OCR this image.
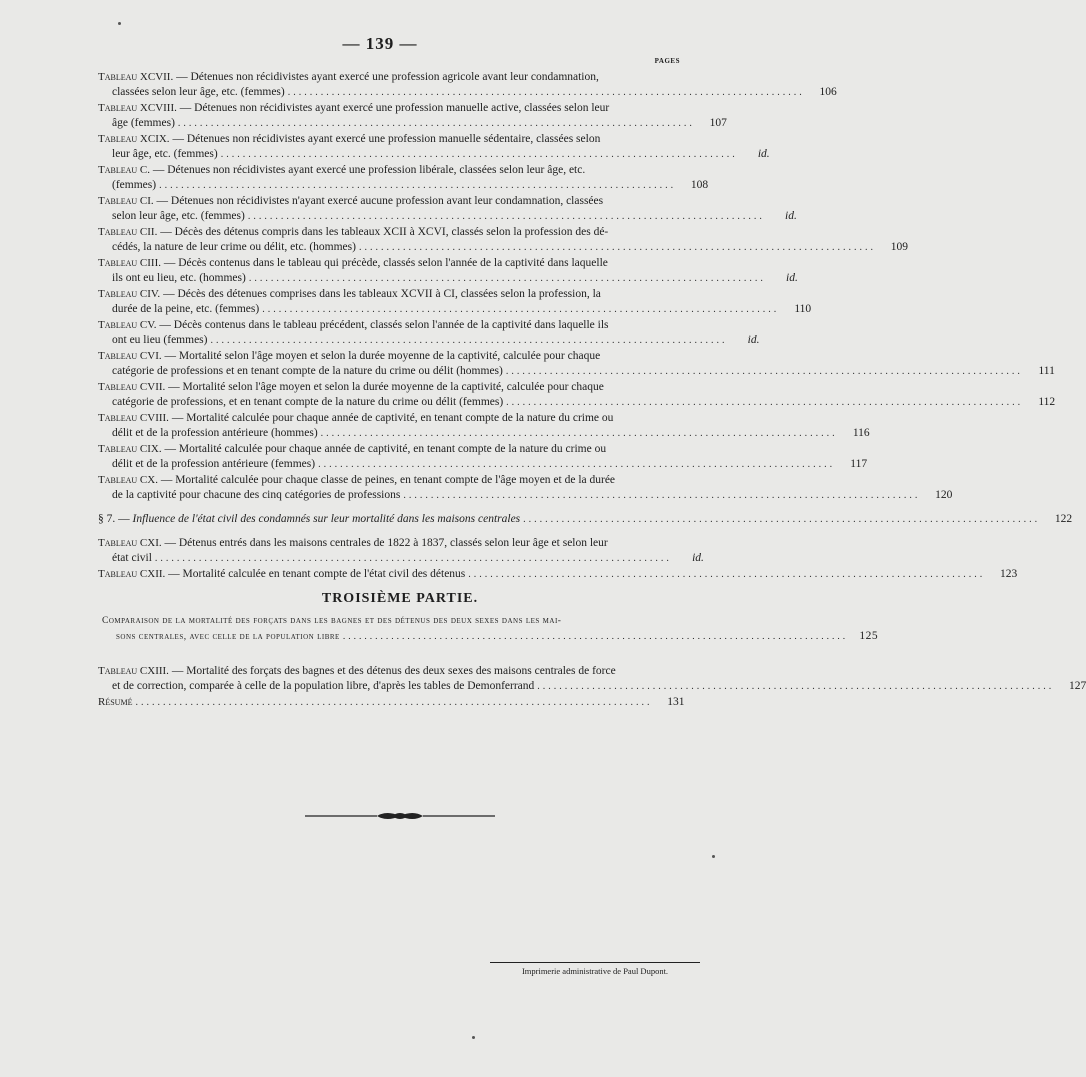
— 139 —
PAGES
Tableau XCVII. — Détenues non récidivistes ayant exercé une profession agricole avant leur condamnation,
classées selon leur âge, etc. (femmes) ..............................................................................................	106
Tableau XCVIII. — Détenues non récidivistes ayant exercé une profession manuelle active, classées selon leur
âge (femmes) ..............................................................................................	107
Tableau XCIX. — Détenues non récidivistes ayant exercé une profession manuelle sédentaire, classées selon
leur âge, etc. (femmes) ..............................................................................................	id.
Tableau C. — Détenues non récidivistes ayant exercé une profession libérale, classées selon leur âge, etc.
(femmes) ..............................................................................................	108
Tableau CI. — Détenues non récidivistes n'ayant exercé aucune profession avant leur condamnation, classées
selon leur âge, etc. (femmes) ..............................................................................................	id.
Tableau CII. — Décès des détenus compris dans les tableaux XCII à XCVI, classés selon la profession des dé-
cédés, la nature de leur crime ou délit, etc. (hommes) ..............................................................................................	109
Tableau CIII. — Décès contenus dans le tableau qui précède, classés selon l'année de la captivité dans laquelle
ils ont eu lieu, etc. (hommes) ..............................................................................................	id.
Tableau CIV. — Décès des détenues comprises dans les tableaux XCVII à CI, classées selon la profession, la
durée de la peine, etc. (femmes) ..............................................................................................	110
Tableau CV. — Décès contenus dans le tableau précédent, classés selon l'année de la captivité dans laquelle ils
ont eu lieu (femmes) ..............................................................................................	id.
Tableau CVI. — Mortalité selon l'âge moyen et selon la durée moyenne de la captivité, calculée pour chaque
catégorie de professions et en tenant compte de la nature du crime ou délit (hommes) ..............................................................................................	111
Tableau CVII. — Mortalité selon l'âge moyen et selon la durée moyenne de la captivité, calculée pour chaque
catégorie de professions, et en tenant compte de la nature du crime ou délit (femmes) ..............................................................................................	112
Tableau CVIII. — Mortalité calculée pour chaque année de captivité, en tenant compte de la nature du crime ou
délit et de la profession antérieure (hommes) ..............................................................................................	116
Tableau CIX. — Mortalité calculée pour chaque année de captivité, en tenant compte de la nature du crime ou
délit et de la profession antérieure (femmes) ..............................................................................................	117
Tableau CX. — Mortalité calculée pour chaque classe de peines, en tenant compte de l'âge moyen et de la durée
de la captivité pour chacune des cinq catégories de professions ..............................................................................................	120
§ 7. — Influence de l'état civil des condamnés sur leur mortalité dans les maisons centrales ..............................................................................................	122
Tableau CXI. — Détenus entrés dans les maisons centrales de 1822 à 1837, classés selon leur âge et selon leur
état civil ..............................................................................................	id.
Tableau CXII. — Mortalité calculée en tenant compte de l'état civil des détenus ..............................................................................................	123
TROISIÈME PARTIE.
Comparaison de la mortalité des forçats dans les bagnes et des détenus des deux sexes dans les mai-
sons centrales, avec celle de la population libre .............................................................................................. 125
Tableau CXIII. — Mortalité des forçats des bagnes et des détenus des deux sexes des maisons centrales de force
et de correction, comparée à celle de la population libre, d'après les tables de Demonferrand ..............................................................................................	127
Résumé ..............................................................................................	131
Imprimerie administrative de Paul Dupont.
